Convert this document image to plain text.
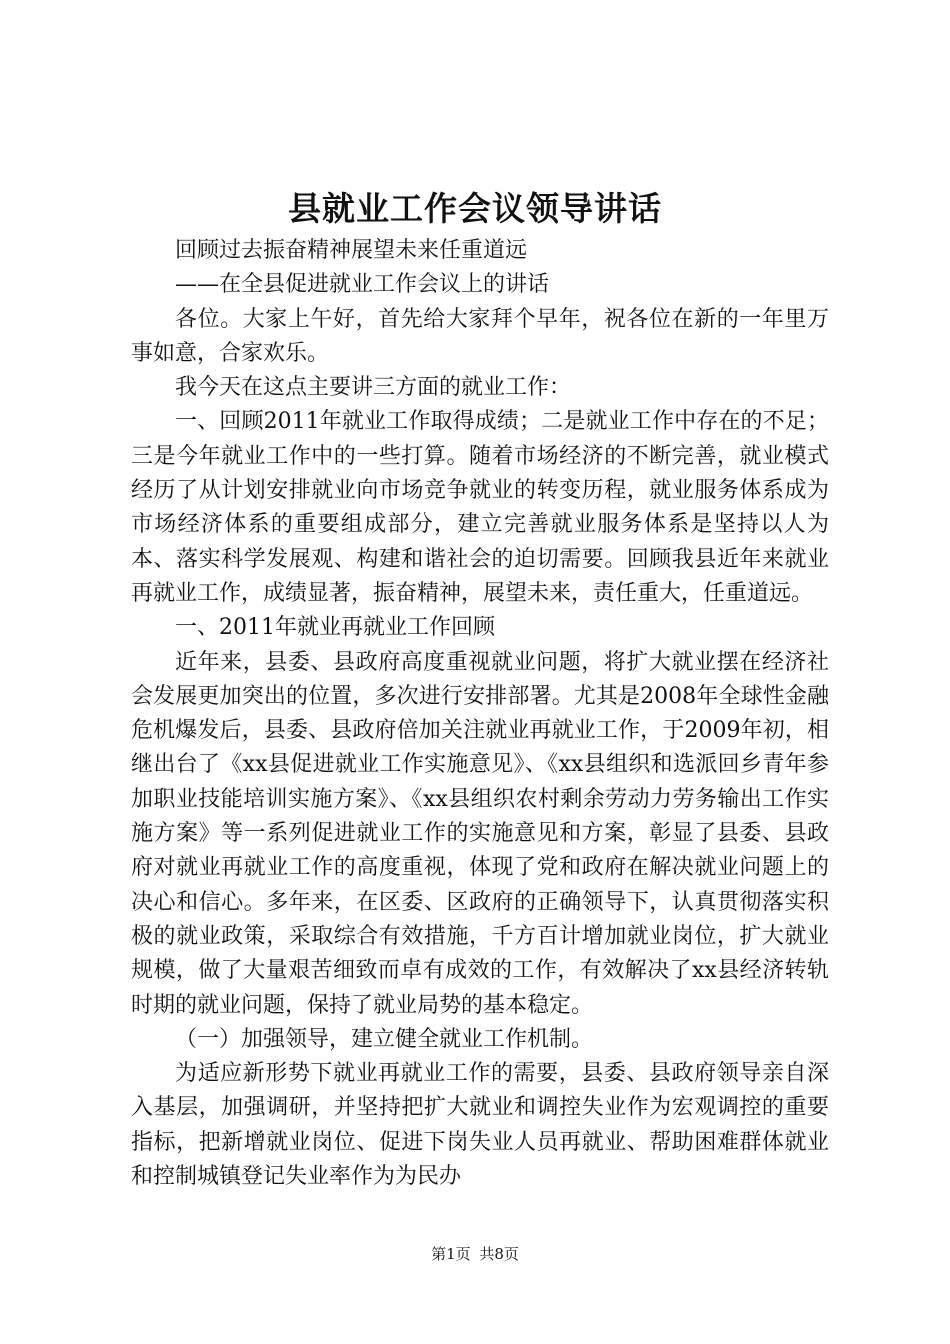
县就业工作会议领导讲话

回顾过去振奋精神展望未来任重道远

——在全县促进就业工作会议上的讲话

各位。大家上午好，首先给大家拜个早年，祝各位在新的一年里万事如意，合家欢乐。

我今天在这点主要讲三方面的就业工作：

一、回顾2011年就业工作取得成绩；二是就业工作中存在的不足；三是今年就业工作中的一些打算。随着市场经济的不断完善，就业模式经历了从计划安排就业向市场竞争就业的转变历程，就业服务体系成为市场经济体系的重要组成部分，建立完善就业服务体系是坚持以人为本、落实科学发展观、构建和谐社会的迫切需要。回顾我县近年来就业再就业工作，成绩显著，振奋精神，展望未来，责任重大，任重道远。

一、2011年就业再就业工作回顾

近年来，县委、县政府高度重视就业问题，将扩大就业摆在经济社会发展更加突出的位置，多次进行安排部署。尤其是2008年全球性金融危机爆发后，县委、县政府倍加关注就业再就业工作，于2009年初，相继出台了《xx县促进就业工作实施意见》、《xx县组织和选派回乡青年参加职业技能培训实施方案》、《xx县组织农村剩余劳动力劳务输出工作实施方案》等一系列促进就业工作的实施意见和方案，彰显了县委、县政府对就业再就业工作的高度重视，体现了党和政府在解决就业问题上的决心和信心。多年来，在区委、区政府的正确领导下，认真贯彻落实积极的就业政策，采取综合有效措施，千方百计增加就业岗位，扩大就业规模，做了大量艰苦细致而卓有成效的工作，有效解决了xx县经济转轨时期的就业问题，保持了就业局势的基本稳定。

（一）加强领导，建立健全就业工作机制。

为适应新形势下就业再就业工作的需要，县委、县政府领导亲自深入基层，加强调研，并坚持把扩大就业和调控失业作为宏观调控的重要指标，把新增就业岗位、促进下岗失业人员再就业、帮助困难群体就业和控制城镇登记失业率作为为民办

第1页 共8页
